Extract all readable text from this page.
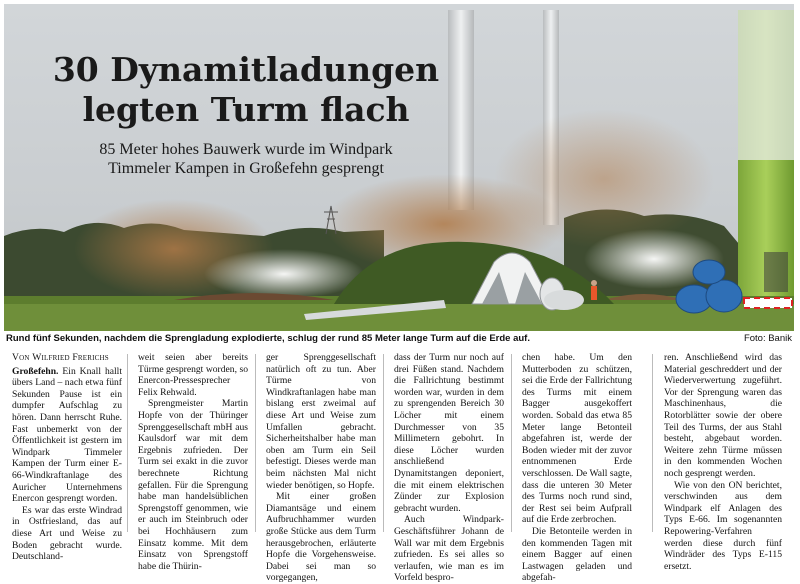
30 Dynamitladungen
legten Turm flach
85 Meter hohes Bauwerk wurde im Windpark
Timmeler Kampen in Großefehn gesprengt
Rund fünf Sekunden, nachdem die Sprengladung explodierte, schlug der rund 85 Meter lange Turm auf die Erde auf.	Foto: Banik
Von Wilfried Frerichs

Großefehn. Ein Knall hallt übers Land – nach etwa fünf Sekunden Pause ist ein dumpfer Aufschlag zu hören. Dann herrscht Ruhe. Fast unbemerkt von der Öffentlichkeit ist gestern im Windpark Timmeler Kampen der Turm einer E-66-Windkraftanlage des Auricher Unternehmens Enercon gesprengt worden.

Es war das erste Windrad in Ostfriesland, das auf diese Art und Weise zu Boden gebracht wurde. Deutschland-

weit seien aber bereits Türme gesprengt worden, so Enercon-Pressesprecher Felix Rehwald.

Sprengmeister Martin Hopfe von der Thüringer Sprenggesellschaft mbH aus Kaulsdorf war mit dem Ergebnis zufrieden. Der Turm sei exakt in die zuvor berechnete Richtung gefallen. Für die Sprengung habe man handelsüblichen Sprengstoff genommen, wie er auch im Steinbruch oder bei Hochhäusern zum Einsatz komme. Mit dem Einsatz von Sprengstoff habe die Thürin-

ger Sprenggesellschaft natürlich oft zu tun. Aber Türme von Windkraftanlagen habe man bislang erst zweimal auf diese Art und Weise zum Umfallen gebracht. Sicherheitshalber habe man oben am Turm ein Seil befestigt. Dieses werde man beim nächsten Mal nicht wieder benötigen, so Hopfe.

Mit einer großen Diamantsäge und einem Aufbruchhammer wurden große Stücke aus dem Turm herausgebrochen, erläuterte Hopfe die Vorgehensweise. Dabei sei man so vorgegangen,

dass der Turm nur noch auf drei Füßen stand. Nachdem die Fallrichtung bestimmt worden war, wurden in dem zu sprengenden Bereich 30 Löcher mit einem Durchmesser von 35 Millimetern gebohrt. In diese Löcher wurden anschließend Dynamitstangen deponiert, die mit einem elektrischen Zünder zur Explosion gebracht wurden.

Auch Windpark-Geschäftsführer Johann de Wall war mit dem Ergebnis zufrieden. Es sei alles so verlaufen, wie man es im Vorfeld bespro-

chen habe. Um den Mutterboden zu schützen, sei die Erde der Fallrichtung des Turms mit einem Bagger ausgekoffert worden. Sobald das etwa 85 Meter lange Betonteil abgefahren ist, werde der Boden wieder mit der zuvor entnommenen Erde verschlossen. De Wall sagte, dass die unteren 30 Meter des Turms noch rund sind, der Rest sei beim Aufprall auf die Erde zerbrochen.

Die Betonteile werden in den kommenden Tagen mit einem Bagger auf einen Lastwagen geladen und abgefah-

ren. Anschließend wird das Material geschreddert und der Wiederverwertung zugeführt. Vor der Sprengung waren das Maschinenhaus, die Rotorblätter sowie der obere Teil des Turms, der aus Stahl besteht, abgebaut worden. Weitere zehn Türme müssen in den kommenden Wochen noch gesprengt werden.

Wie von den ON berichtet, verschwinden aus dem Windpark elf Anlagen des Typs E-66. Im sogenannten Repowering-Verfahren werden diese durch fünf Windräder des Typs E-115 ersetzt.
